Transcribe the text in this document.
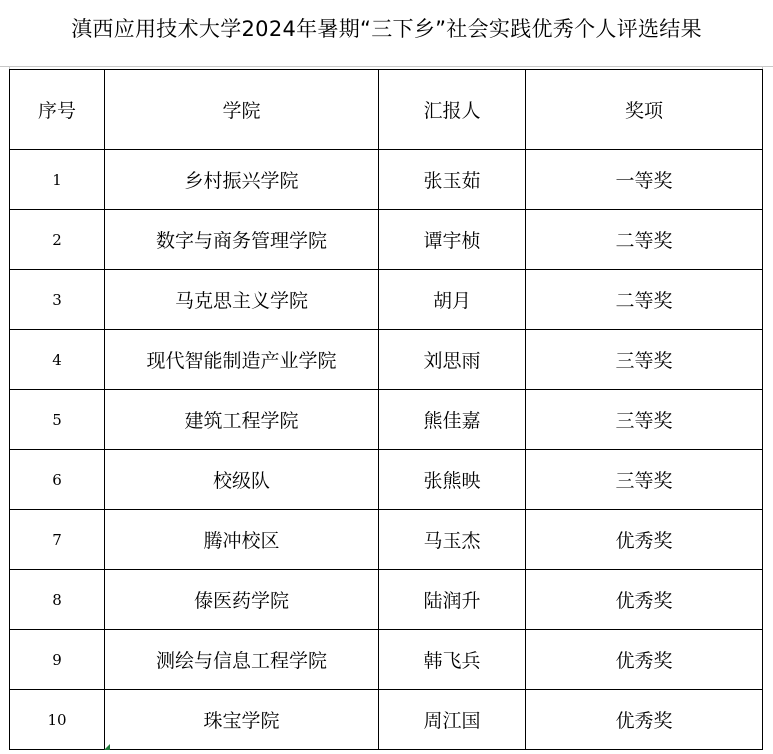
滇西应用技术大学2024年暑期“三下乡”社会实践优秀个人评选结果
序号	学院	汇报人	奖项
1	乡村振兴学院	张玉茹	一等奖
2	数字与商务管理学院	谭宇桢	二等奖
3	马克思主义学院	胡月	二等奖
4	现代智能制造产业学院	刘思雨	三等奖
5	建筑工程学院	熊佳嘉	三等奖
6	校级队	张熊映	三等奖
7	腾冲校区	马玉杰	优秀奖
8	傣医药学院	陆润升	优秀奖
9	测绘与信息工程学院	韩飞兵	优秀奖
10	珠宝学院	周江国	优秀奖
